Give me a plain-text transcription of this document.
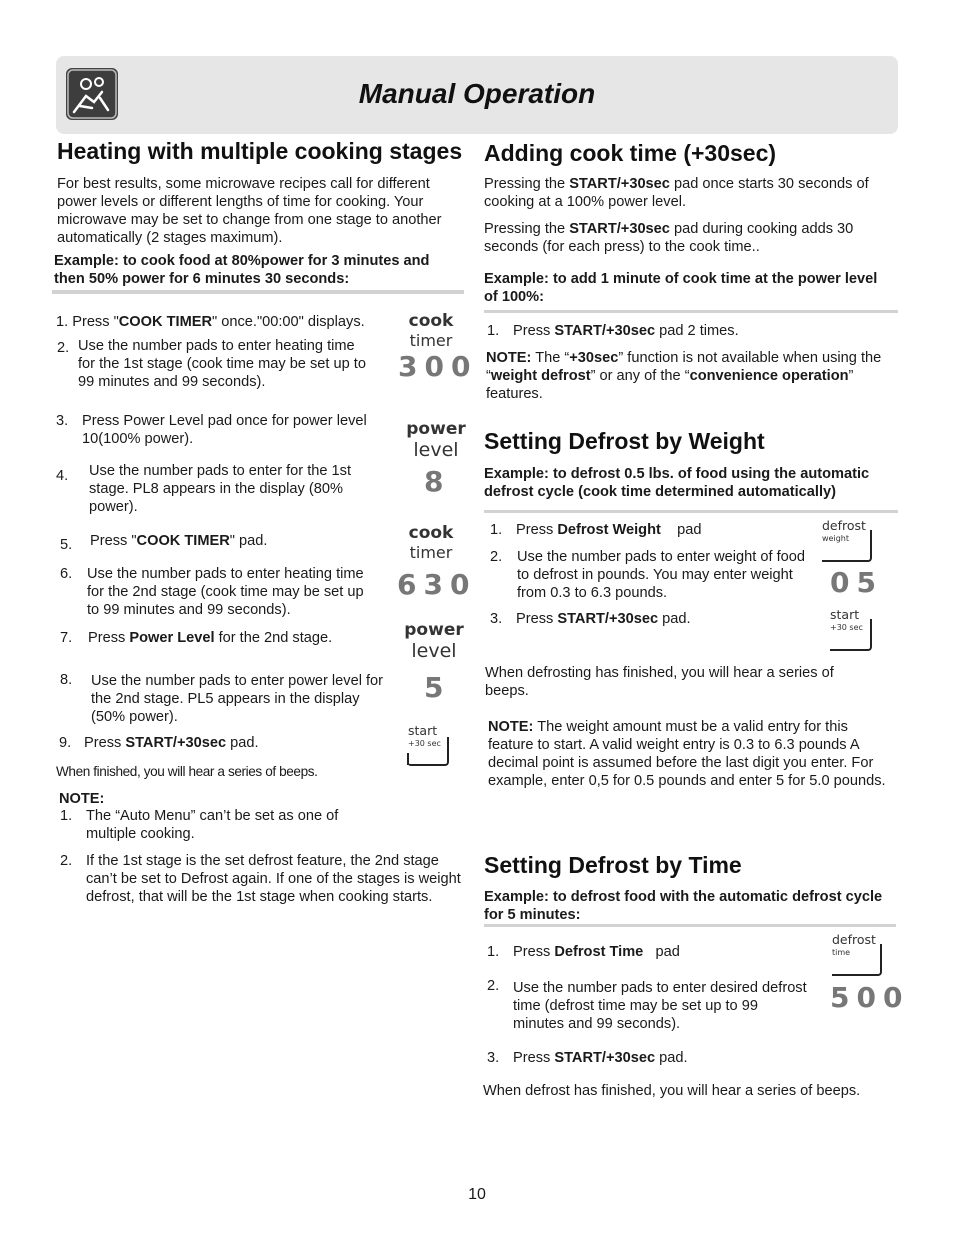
Manual Operation
Heating with multiple cooking stages
For best results, some microwave recipes call for different power levels or different lengths of time for cooking. Your microwave may be set to change from one stage to another automatically (2 stages maximum).
Example: to cook food at 80%power for 3 minutes and then 50% power for 6 minutes 30 seconds:
1. Press "COOK TIMER" once."00:00" displays.
2. Use the number pads to enter heating time for the 1st stage (cook time may be set up to 99 minutes and 99 seconds).
3. Press Power Level pad once for power level 10(100% power).
4. Use the number pads to enter for the 1st stage. PL8 appears in the display (80% power).
5. Press "COOK TIMER" pad.
6. Use the number pads to enter heating time for the 2nd stage (cook time may be set up to 99 minutes and 99 seconds).
7. Press Power Level for the 2nd stage.
8. Use the number pads to enter power level for the 2nd stage. PL5 appears in the display (50% power).
9. Press START/+30sec pad.
When finished, you will hear a series of beeps.
NOTE:
1. The “Auto Menu” can’t be set as one of multiple cooking.
2. If the 1st stage is the set defrost feature, the 2nd stage can’t be set to Defrost again. If one of the stages is weight defrost, that will be the 1st stage when cooking starts.
cook
timer
300
power
level
8
cook
timer
630
power
level
5
start
+30 sec
Adding cook time (+30sec)
Pressing the START/+30sec pad once starts 30 seconds of cooking at a 100% power level.
Pressing the START/+30sec pad during cooking adds 30 seconds (for each press) to the cook time..
Example: to add 1 minute of cook time at the power level of 100%:
1. Press START/+30sec pad 2 times.
NOTE: The “+30sec” function is not available when using the “weight defrost” or any of the “convenience operation” features.
Setting Defrost by Weight
Example: to defrost 0.5 lbs. of food using the automatic defrost cycle (cook time determined automatically)
1. Press Defrost Weight    pad
2. Use the number pads to enter weight of food to defrost in pounds. You may enter weight from 0.3 to 6.3 pounds.
3. Press START/+30sec pad.
When defrosting has finished, you will hear a series of beeps.
NOTE: The weight amount must be a valid entry for this feature to start. A valid weight entry is 0.3 to 6.3 pounds A decimal point is assumed before the last digit you enter. For example, enter 0,5 for 0.5 pounds and enter 5 for 5.0 pounds.
defrost
weight
05
start
+30 sec
Setting Defrost by Time
Example: to defrost food with the automatic defrost cycle for 5 minutes:
1. Press Defrost Time   pad
2. Use the number pads to enter desired defrost time (defrost time may be set up to 99 minutes and 99 seconds).
3. Press START/+30sec pad.
When defrost has finished, you will hear a series of beeps.
defrost
time
500
10
